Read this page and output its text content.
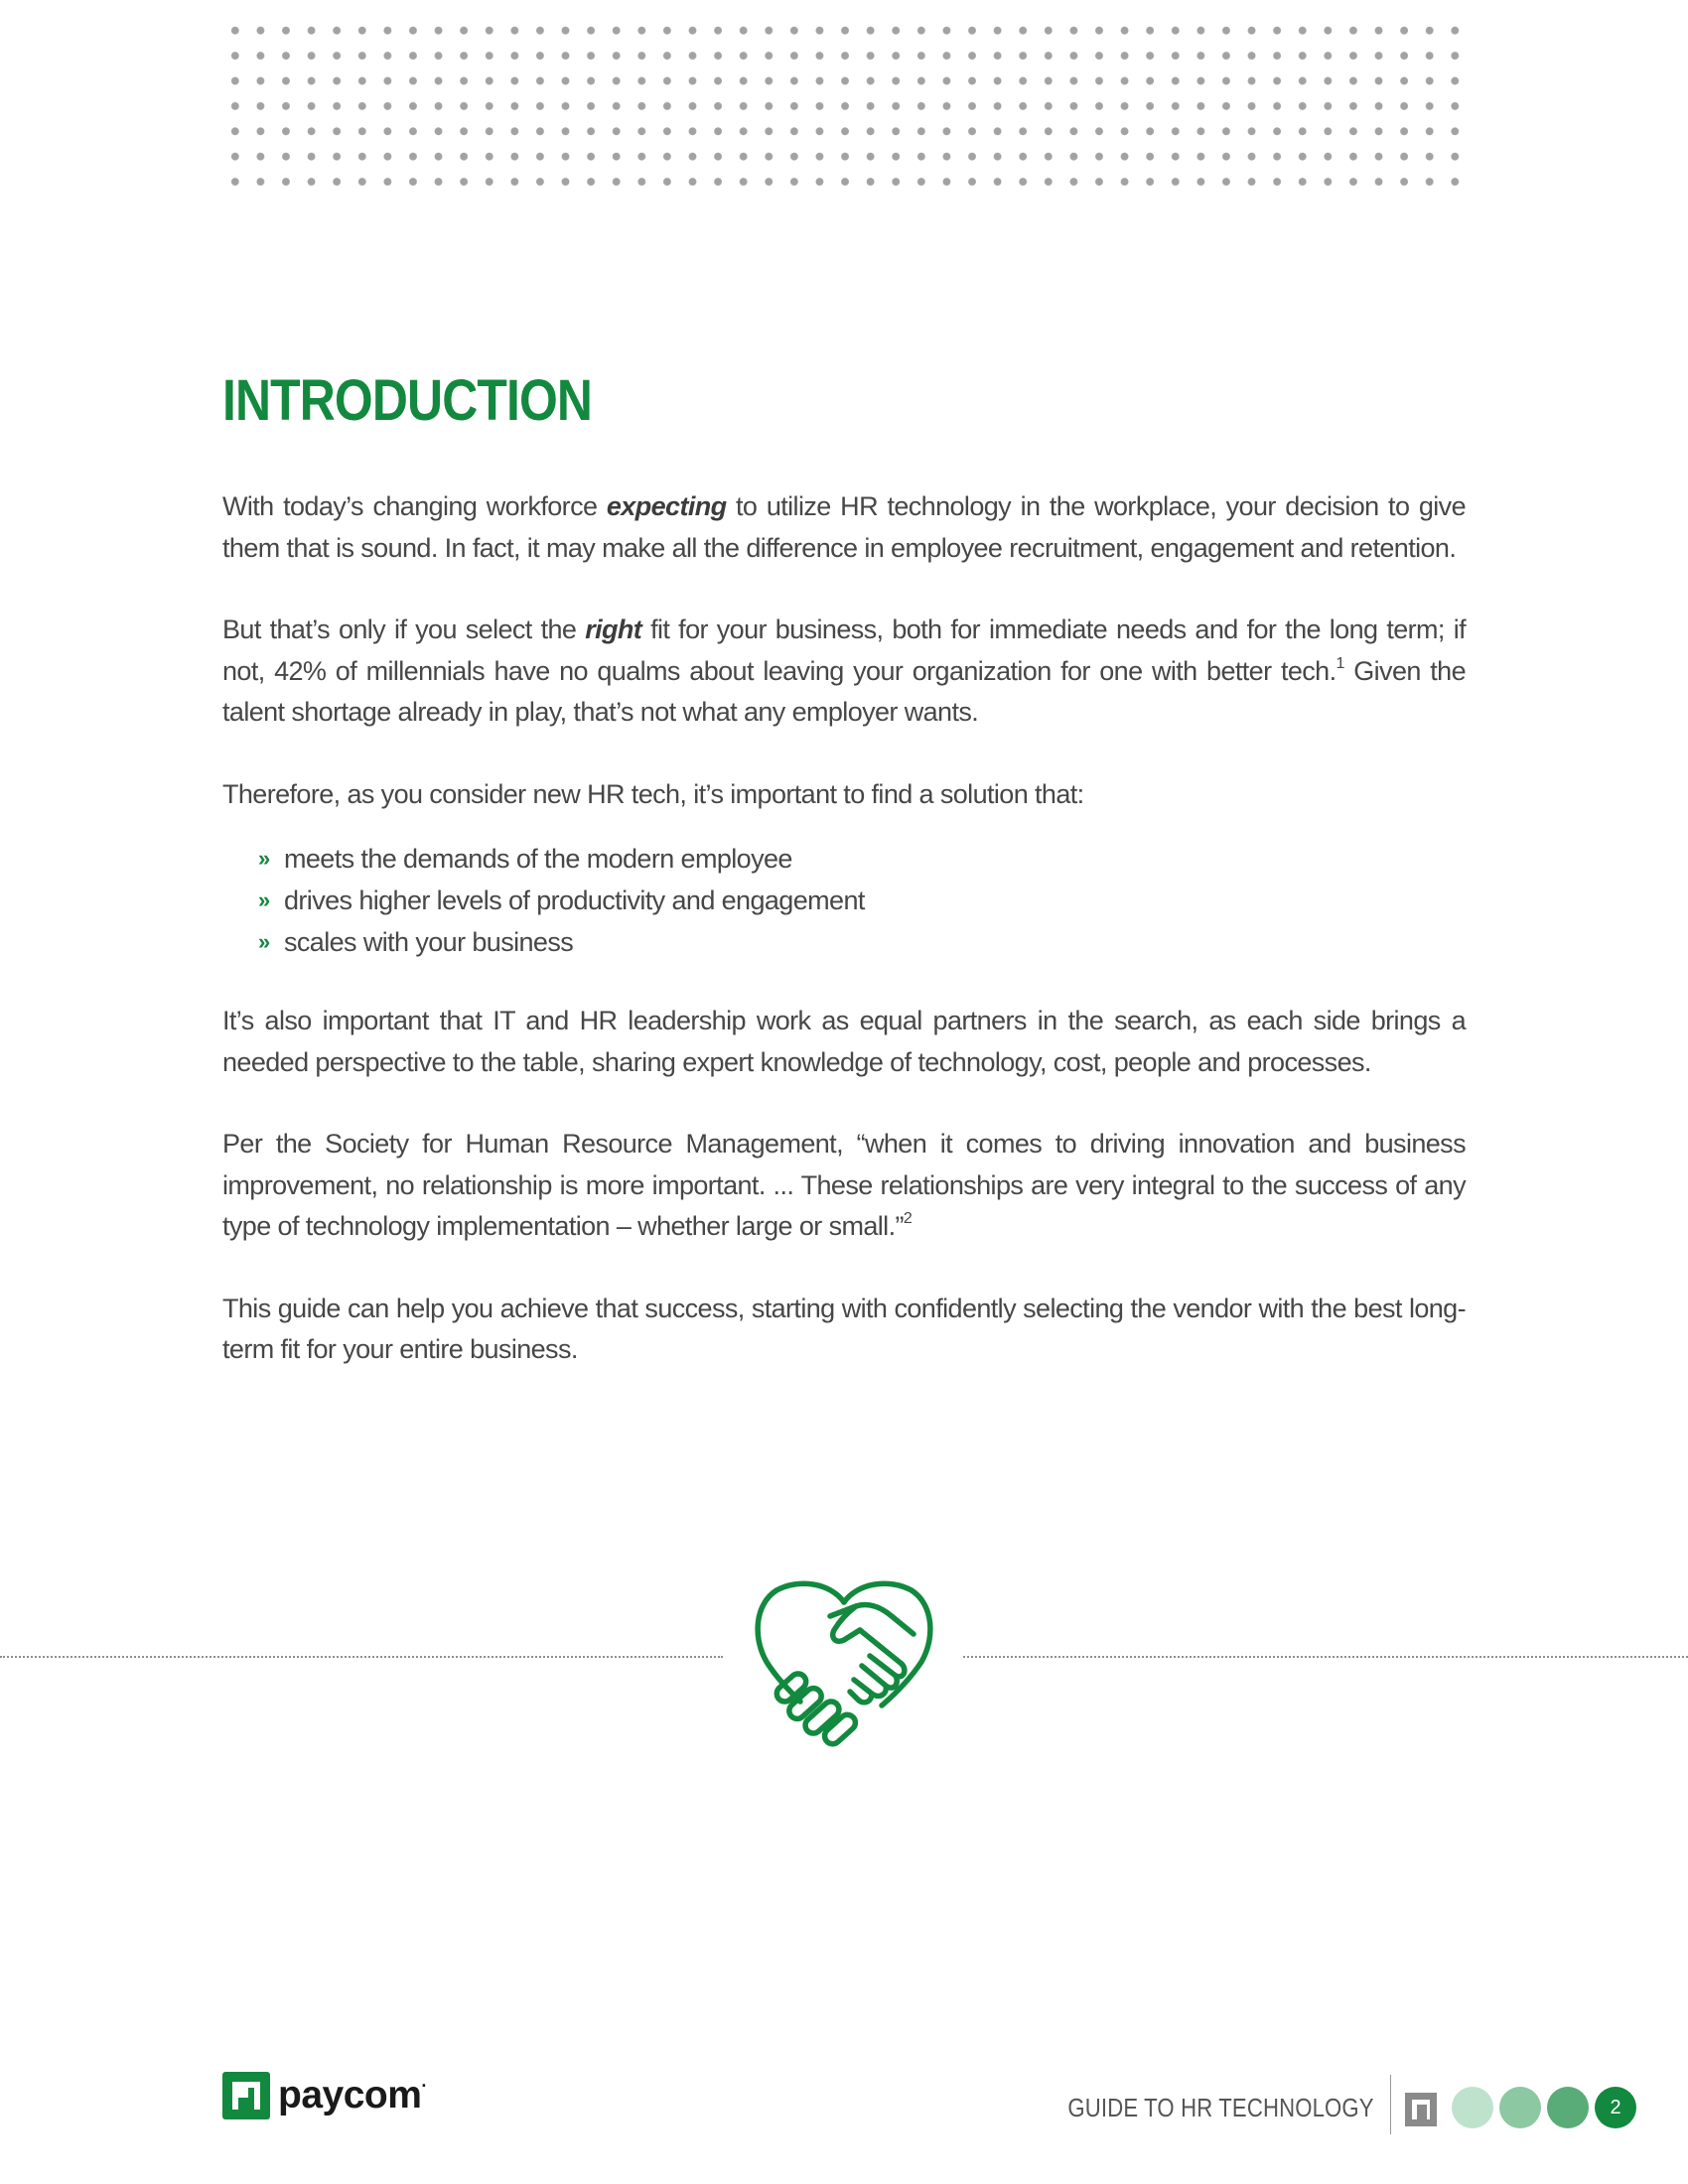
INTRODUCTION

With today’s changing workforce expecting to utilize HR technology in the workplace, your decision to give them that is sound. In fact, it may make all the difference in employee recruitment, engagement and retention.

But that’s only if you select the right fit for your business, both for immediate needs and for the long term; if not, 42% of millennials have no qualms about leaving your organization for one with better tech.$^1$ Given the talent shortage already in play, that’s not what any employer wants.

Therefore, as you consider new HR tech, it’s important to find a solution that:

» meets the demands of the modern employee
» drives higher levels of productivity and engagement
» scales with your business

It’s also important that IT and HR leadership work as equal partners in the search, as each side brings a needed perspective to the table, sharing expert knowledge of technology, cost, people and processes.

Per the Society for Human Resource Management, “when it comes to driving innovation and business improvement, no relationship is more important. ... These relationships are very integral to the success of any type of technology implementation – whether large or small.”$^2$

This guide can help you achieve that success, starting with confidently selecting the vendor with the best long-term fit for your entire business.

paycom·
GUIDE TO HR TECHNOLOGY	2
